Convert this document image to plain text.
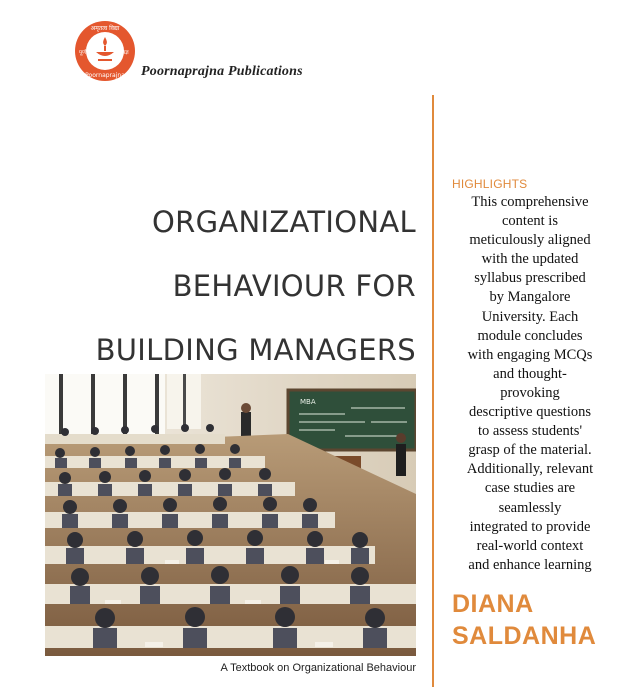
अमृतत्व विद्या
पूर्ण	प्रज्ञ
Poornaprajna Poornaprajna Publications
ORGANIZATIONAL
BEHAVIOUR FOR
BUILDING MANAGERS
MBA
A Textbook on Organizational Behaviour
HIGHLIGHTS
This comprehensive
content is
meticulously aligned
with the updated
syllabus prescribed
by Mangalore
University. Each
module concludes
with engaging MCQs
and thought-
provoking
descriptive questions
to assess students'
grasp of the material.
Additionally, relevant
case studies are
seamlessly
integrated to provide
real-world context
and enhance learning
DIANA
SALDANHA
